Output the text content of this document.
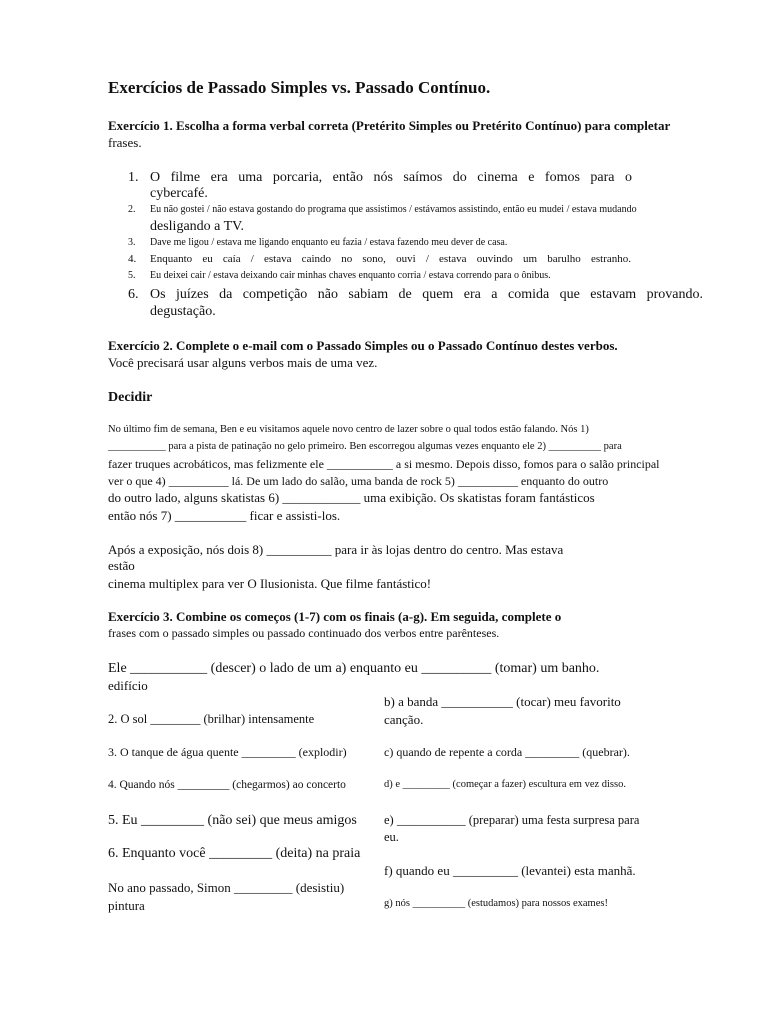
Exercícios de Passado Simples vs. Passado Contínuo.
Exercício 1. Escolha a forma verbal correta (Pretérito Simples ou Pretérito Contínuo) para completar
frases.
1. O filme era uma porcaria, então nós saímos do cinema e fomos para o
cybercafé.
2. Eu não gostei / não estava gostando do programa que assistimos / estávamos assistindo, então eu mudei / estava mudando
desligando a TV.
3. Dave me ligou / estava me ligando enquanto eu fazia / estava fazendo meu dever de casa.
4. Enquanto eu caía / estava caindo no sono, ouvi / estava ouvindo um barulho estranho.
5. Eu deixei cair / estava deixando cair minhas chaves enquanto corria / estava correndo para o ônibus.
6. Os juízes da competição não sabiam de quem era a comida que estavam provando.
degustação.
Exercício 2. Complete o e-mail com o Passado Simples ou o Passado Contínuo destes verbos.
Você precisará usar alguns verbos mais de uma vez.
Decidir
No último fim de semana, Ben e eu visitamos aquele novo centro de lazer sobre o qual todos estão falando. Nós 1)
___________ para a pista de patinação no gelo primeiro. Ben escorregou algumas vezes enquanto ele 2) __________ para
fazer truques acrobáticos, mas felizmente ele ___________ a si mesmo. Depois disso, fomos para o salão principal
ver o que 4) __________ lá. De um lado do salão, uma banda de rock 5) __________ enquanto do outro
do outro lado, alguns skatistas 6) ____________ uma exibição. Os skatistas foram fantásticos
então nós 7) ___________ ficar e assisti-los.
Após a exposição, nós dois 8) __________ para ir às lojas dentro do centro. Mas estava
estão
cinema multiplex para ver O Ilusionista. Que filme fantástico!
Exercício 3. Combine os começos (1-7) com os finais (a-g). Em seguida, complete o
frases com o passado simples ou passado continuado dos verbos entre parênteses.
Ele ___________ (descer) o lado de um a) enquanto eu __________ (tomar) um banho.
edifício
2. O sol ________ (brilhar) intensamente
3. O tanque de água quente _________ (explodir)
4. Quando nós _________ (chegarmos) ao concerto
5. Eu _________ (não sei) que meus amigos
6. Enquanto você _________ (deita) na praia
No ano passado, Simon _________ (desistiu)
pintura
b) a banda ___________ (tocar) meu favorito
canção.
c) quando de repente a corda _________ (quebrar).
d) e _________ (começar a fazer) escultura em vez disso.
e) ___________ (preparar) uma festa surpresa para
eu.
f) quando eu __________ (levantei) esta manhã.
g) nós __________ (estudamos) para nossos exames!
